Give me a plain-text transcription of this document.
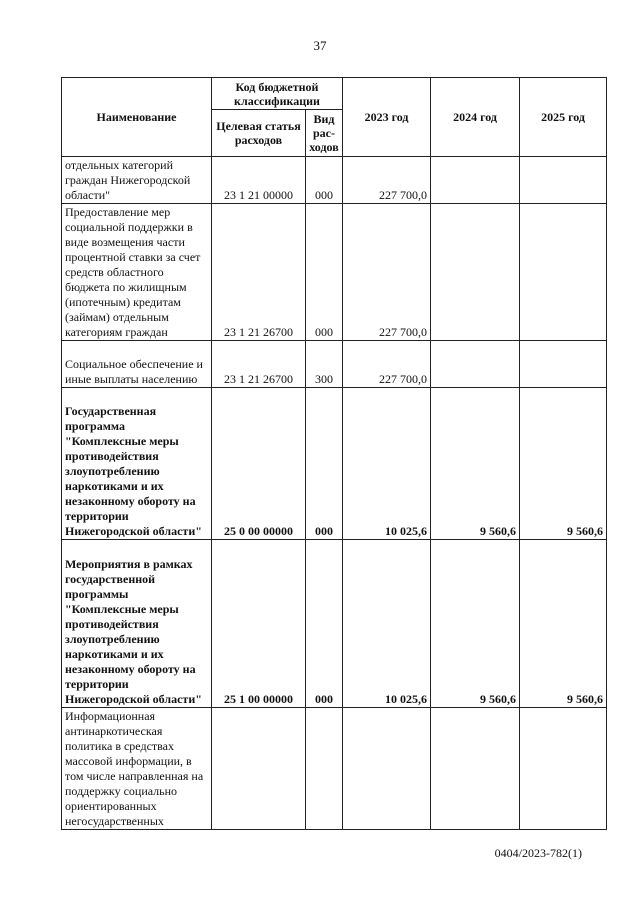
37
Наименование	Код бюджетной классификации		2023 год	2024 год	2025 год
	Целевая статья расходов	Вид рас- ходов			
отдельных категорий граждан Нижегородской области"	23 1 21 00000	000	227 700,0		
Предоставление мер социальной поддержки в виде возмещения части процентной ставки за счет средств областного бюджета по жилищным (ипотечным) кредитам (займам) отдельным категориям граждан	23 1 21 26700	000	227 700,0		
Социальное обеспечение и иные выплаты населению	23 1 21 26700	300	227 700,0		
Государственная программа "Комплексные меры противодействия злоупотреблению наркотиками и их незаконному обороту на территории Нижегородской области"	25 0 00 00000	000	10 025,6	9 560,6	9 560,6
Мероприятия в рамках государственной программы "Комплексные меры противодействия злоупотреблению наркотиками и их незаконному обороту на территории Нижегородской области"	25 1 00 00000	000	10 025,6	9 560,6	9 560,6
Информационная антинаркотическая политика в средствах массовой информации, в том числе направленная на поддержку социально ориентированных негосударственных					
0404/2023-782(1)
